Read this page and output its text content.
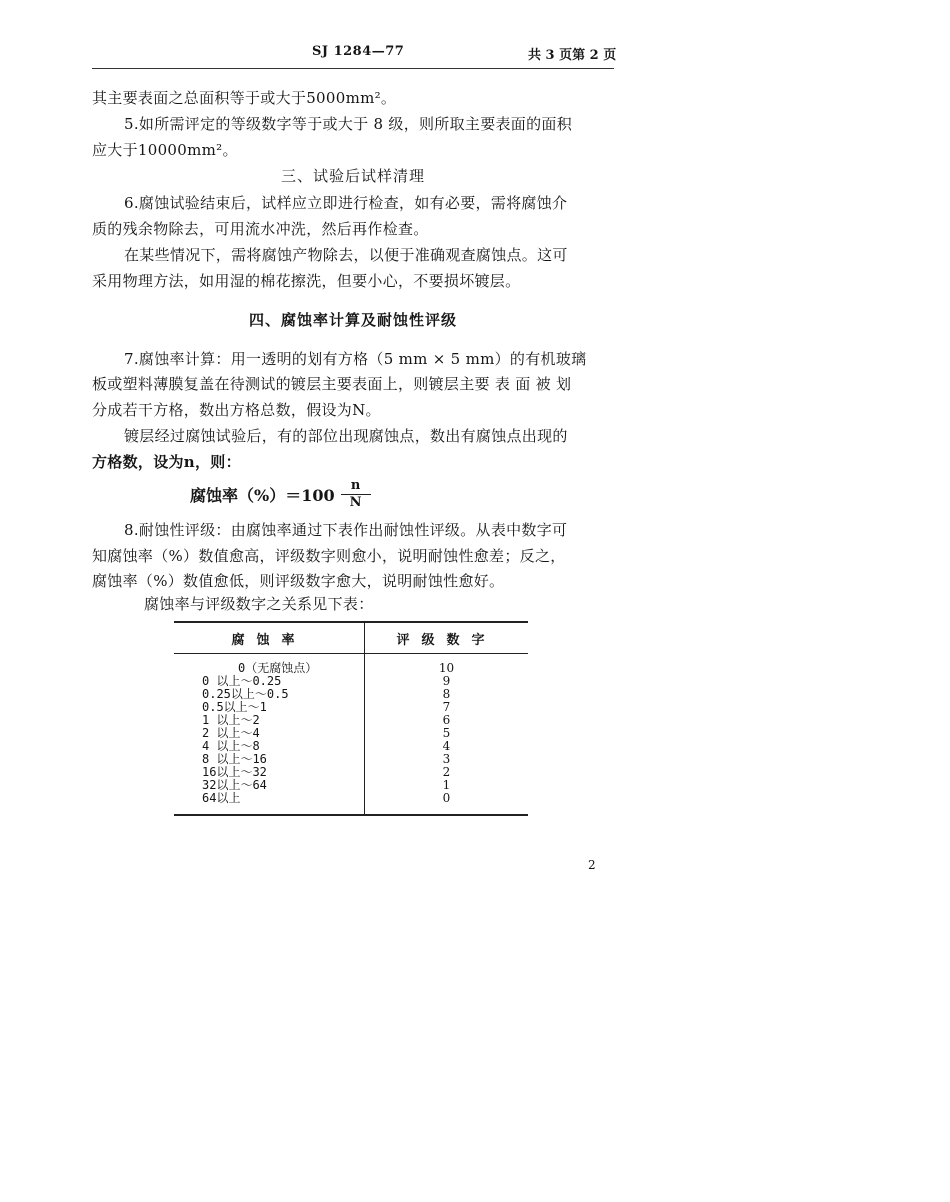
SJ 1284—77	共 3 页第 2 页
其主要表面之总面积等于或大于5000mm²。
5.如所需评定的等级数字等于或大于 8 级，则所取主要表面的面积
应大于10000mm²。
三、试验后试样清理
6.腐蚀试验结束后，试样应立即进行检查，如有必要，需将腐蚀介
质的残余物除去，可用流水冲洗，然后再作检查。
在某些情况下，需将腐蚀产物除去，以便于准确观查腐蚀点。这可
采用物理方法，如用湿的棉花擦洗，但要小心，不要损坏镀层。
四、腐蚀率计算及耐蚀性评级
7.腐蚀率计算：用一透明的划有方格（5 mm × 5 mm）的有机玻璃
板或塑料薄膜复盖在待测试的镀层主要表面上，则镀层主要 表 面 被 划
分成若干方格，数出方格总数，假设为N。
镀层经过腐蚀试验后，有的部位出现腐蚀点，数出有腐蚀点出现的
方格数，设为n，则：
腐蚀率$(\%)=100 \frac{n}{N}$
8.耐蚀性评级：由腐蚀率通过下表作出耐蚀性评级。从表中数字可
知腐蚀率（%）数值愈高，评级数字则愈小，说明耐蚀性愈差；反之，
腐蚀率（%）数值愈低，则评级数字愈大，说明耐蚀性愈好。
腐蚀率与评级数字之关系见下表：
腐蚀率	评级数字
0（无腐蚀点）	10
0 以上～0.25	9
0.25以上～0.5	8
0.5以上～1	7
1 以上～2	6
2 以上～4	5
4 以上～8	4
8 以上～16	3
16以上～32	2
32以上～64	1
64以上	0
2
